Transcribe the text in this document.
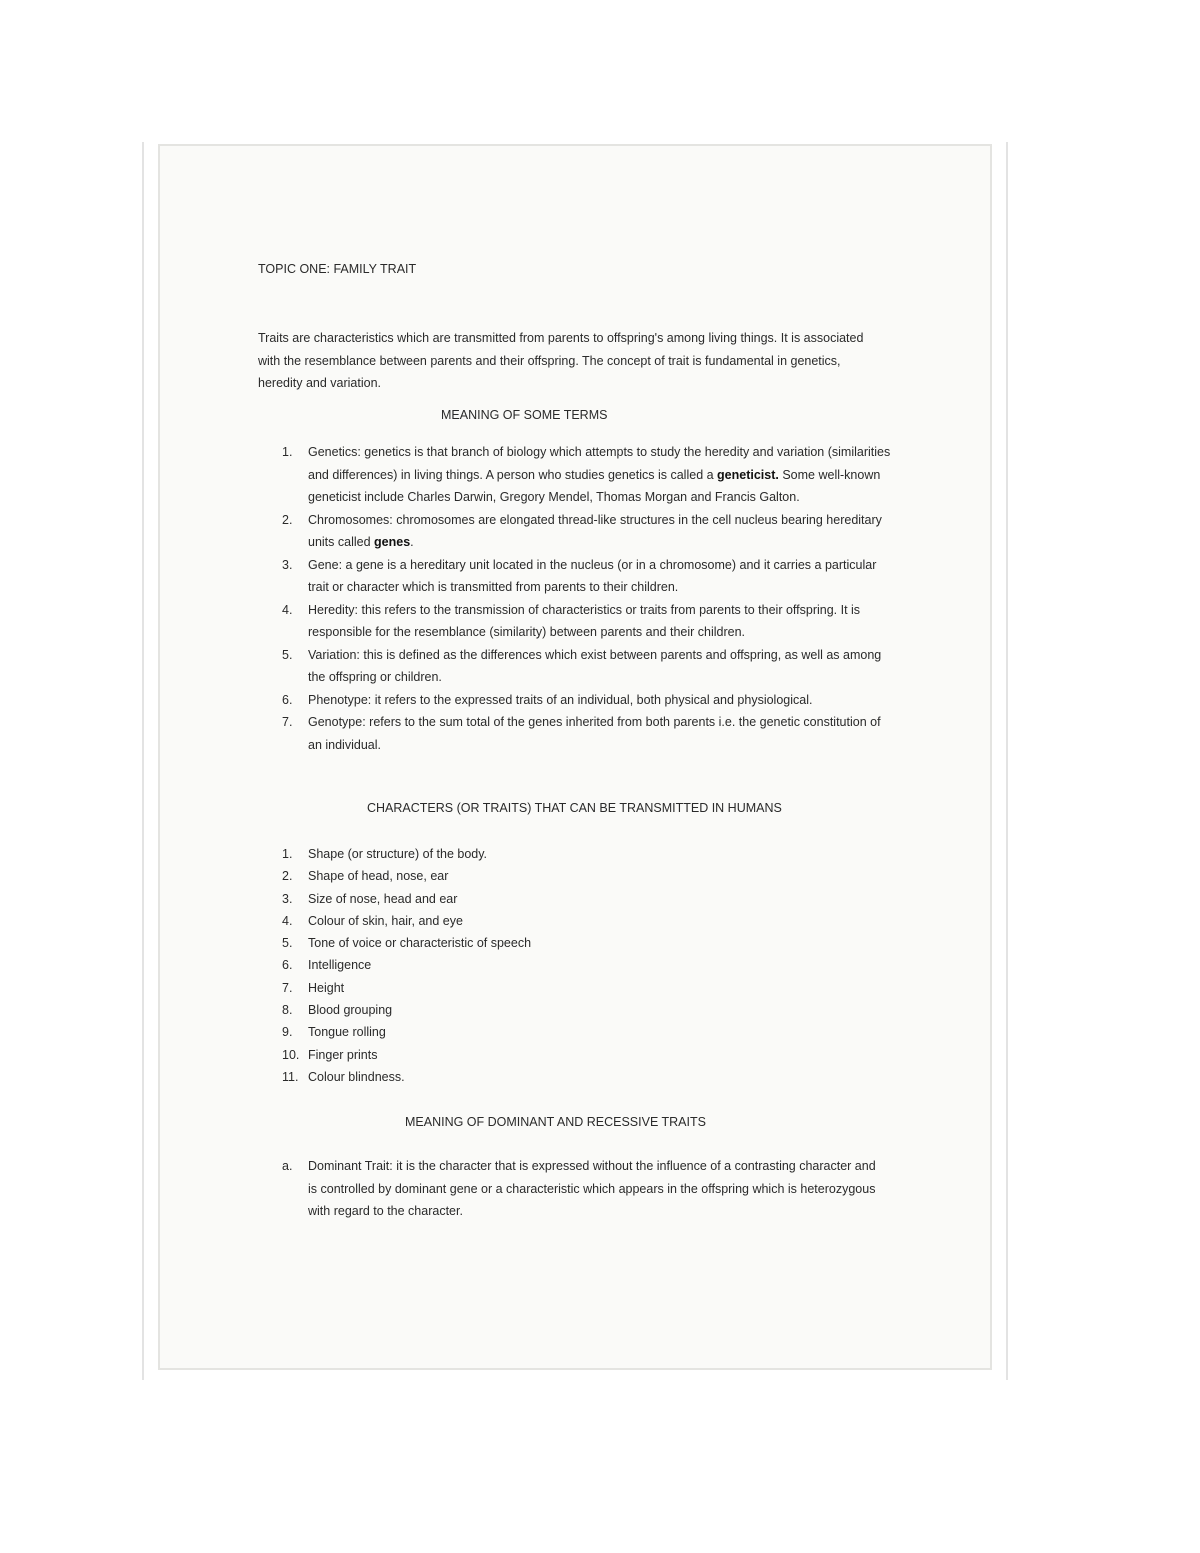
TOPIC ONE: FAMILY TRAIT
Traits are characteristics which are transmitted from parents to offspring's among living things. It is associated with the resemblance between parents and their offspring. The concept of trait is fundamental in genetics, heredity and variation.
MEANING OF SOME TERMS
1.	Genetics: genetics is that branch of biology which attempts to study the heredity and variation (similarities and differences) in living things. A person who studies genetics is called a geneticist. Some well-known geneticist include Charles Darwin, Gregory Mendel, Thomas Morgan and Francis Galton.
2.	Chromosomes: chromosomes are elongated thread-like structures in the cell nucleus bearing hereditary units called genes.
3.	Gene: a gene is a hereditary unit located in the nucleus (or in a chromosome) and it carries a particular trait or character which is transmitted from parents to their children.
4.	Heredity: this refers to the transmission of characteristics or traits from parents to their offspring. It is responsible for the resemblance (similarity) between parents and their children.
5.	Variation: this is defined as the differences which exist between parents and offspring, as well as among the offspring or children.
6.	Phenotype: it refers to the expressed traits of an individual, both physical and physiological.
7.	Genotype: refers to the sum total of the genes inherited from both parents i.e. the genetic constitution of an individual.
CHARACTERS (OR TRAITS) THAT CAN BE TRANSMITTED IN HUMANS
1.	Shape (or structure) of the body.
2.	Shape of head, nose, ear
3.	Size of nose, head and ear
4.	Colour of skin, hair, and eye
5.	Tone of voice or characteristic of speech
6.	Intelligence
7.	Height
8.	Blood grouping
9.	Tongue rolling
10. Finger prints
11. Colour blindness.
MEANING OF DOMINANT AND RECESSIVE TRAITS
a.	Dominant Trait: it is the character that is expressed without the influence of a contrasting character and is controlled by dominant gene or a characteristic which appears in the offspring which is heterozygous with regard to the character.
